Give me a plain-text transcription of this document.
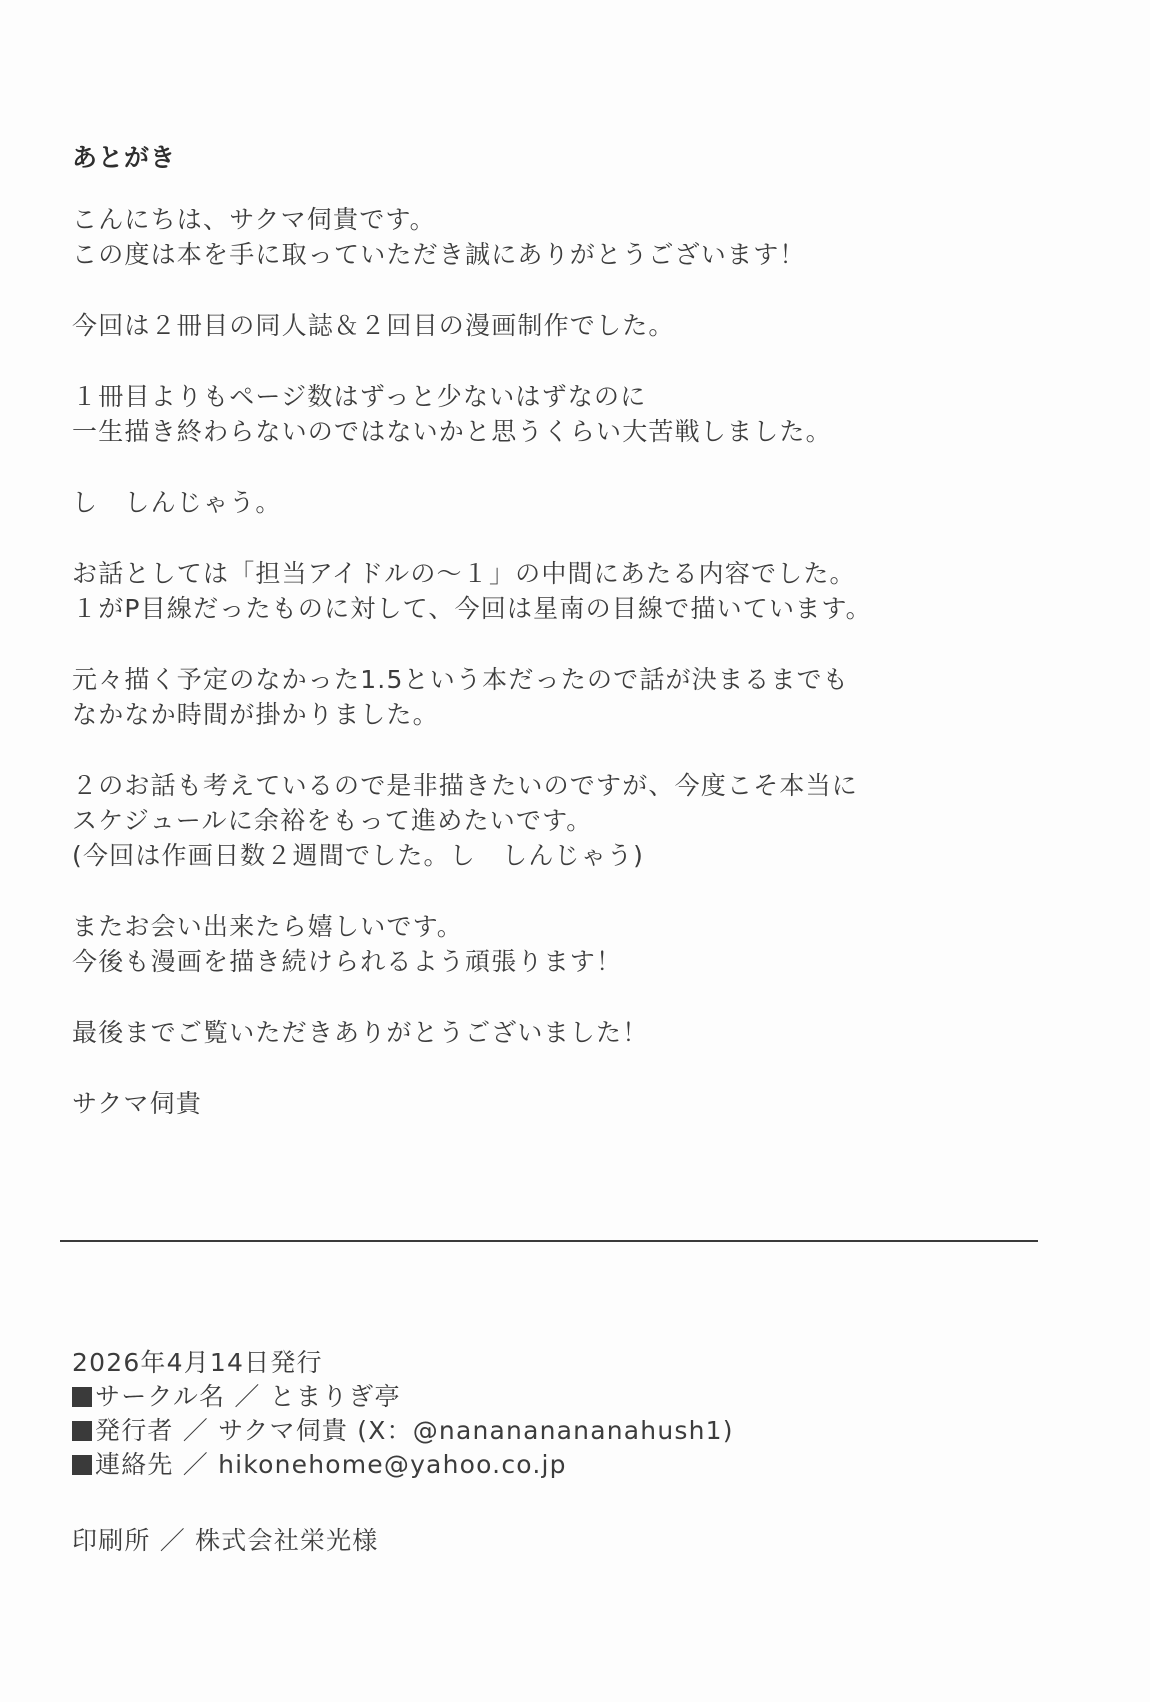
あとがき
こんにちは、サクマ伺貴です。
この度は本を手に取っていただき誠にありがとうございます！
今回は２冊目の同人誌＆２回目の漫画制作でした。
１冊目よりもページ数はずっと少ないはずなのに
一生描き終わらないのではないかと思うくらい大苦戦しました。
し　しんじゃう。
お話としては「担当アイドルの～１」の中間にあたる内容でした。
１がP目線だったものに対して、今回は星南の目線で描いています。
元々描く予定のなかった1.5という本だったので話が決まるまでも
なかなか時間が掛かりました。
２のお話も考えているので是非描きたいのですが、今度こそ本当に
スケジュールに余裕をもって進めたいです。
(今回は作画日数２週間でした。し　しんじゃう)
またお会い出来たら嬉しいです。
今後も漫画を描き続けられるよう頑張ります！
最後までご覧いただきありがとうございました！
サクマ伺貴
2026年4月14日発行
サークル名 ／ とまりぎ亭
発行者 ／ サクマ伺貴 (X：@nanananananahush1)
連絡先 ／ hikonehome@yahoo.co.jp
印刷所 ／ 株式会社栄光様
